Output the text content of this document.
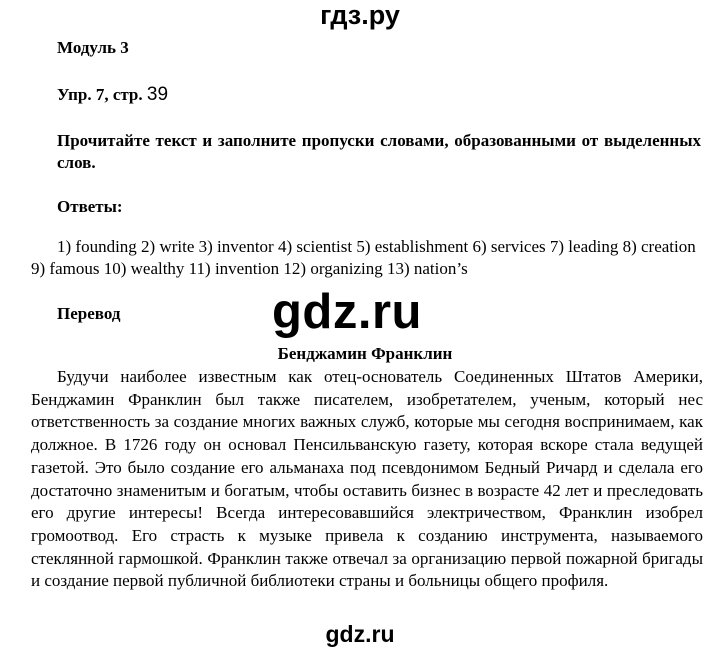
гдз.ру
Модуль 3
Упр. 7, стр. 39
Прочитайте текст и заполните пропуски словами, образованными от выделенных слов.
Ответы:
1) founding 2) write 3) inventor 4) scientist 5) establishment 6) services 7) leading 8) creation 9) famous 10) wealthy 11) invention 12) organizing 13) nation’s
Перевод	gdz.ru
Бенджамин Франклин
Будучи наиболее известным как отец-основатель Соединенных Штатов Америки, Бенджамин Франклин был также писателем, изобретателем, ученым, который нес ответственность за создание многих важных служб, которые мы сегодня воспринимаем, как должное. В 1726 году он основал Пенсильванскую газету, которая вскоре стала ведущей газетой. Это было создание его альманаха под псевдонимом Бедный Ричард и сделала его достаточно знаменитым и богатым, чтобы оставить бизнес в возрасте 42 лет и преследовать его другие интересы! Всегда интересовавшийся электричеством, Франклин изобрел громоотвод. Его страсть к музыке привела к созданию инструмента, называемого стеклянной гармошкой. Франклин также отвечал за организацию первой пожарной бригады и создание первой публичной библиотеки страны и больницы общего профиля.
gdz.ru
